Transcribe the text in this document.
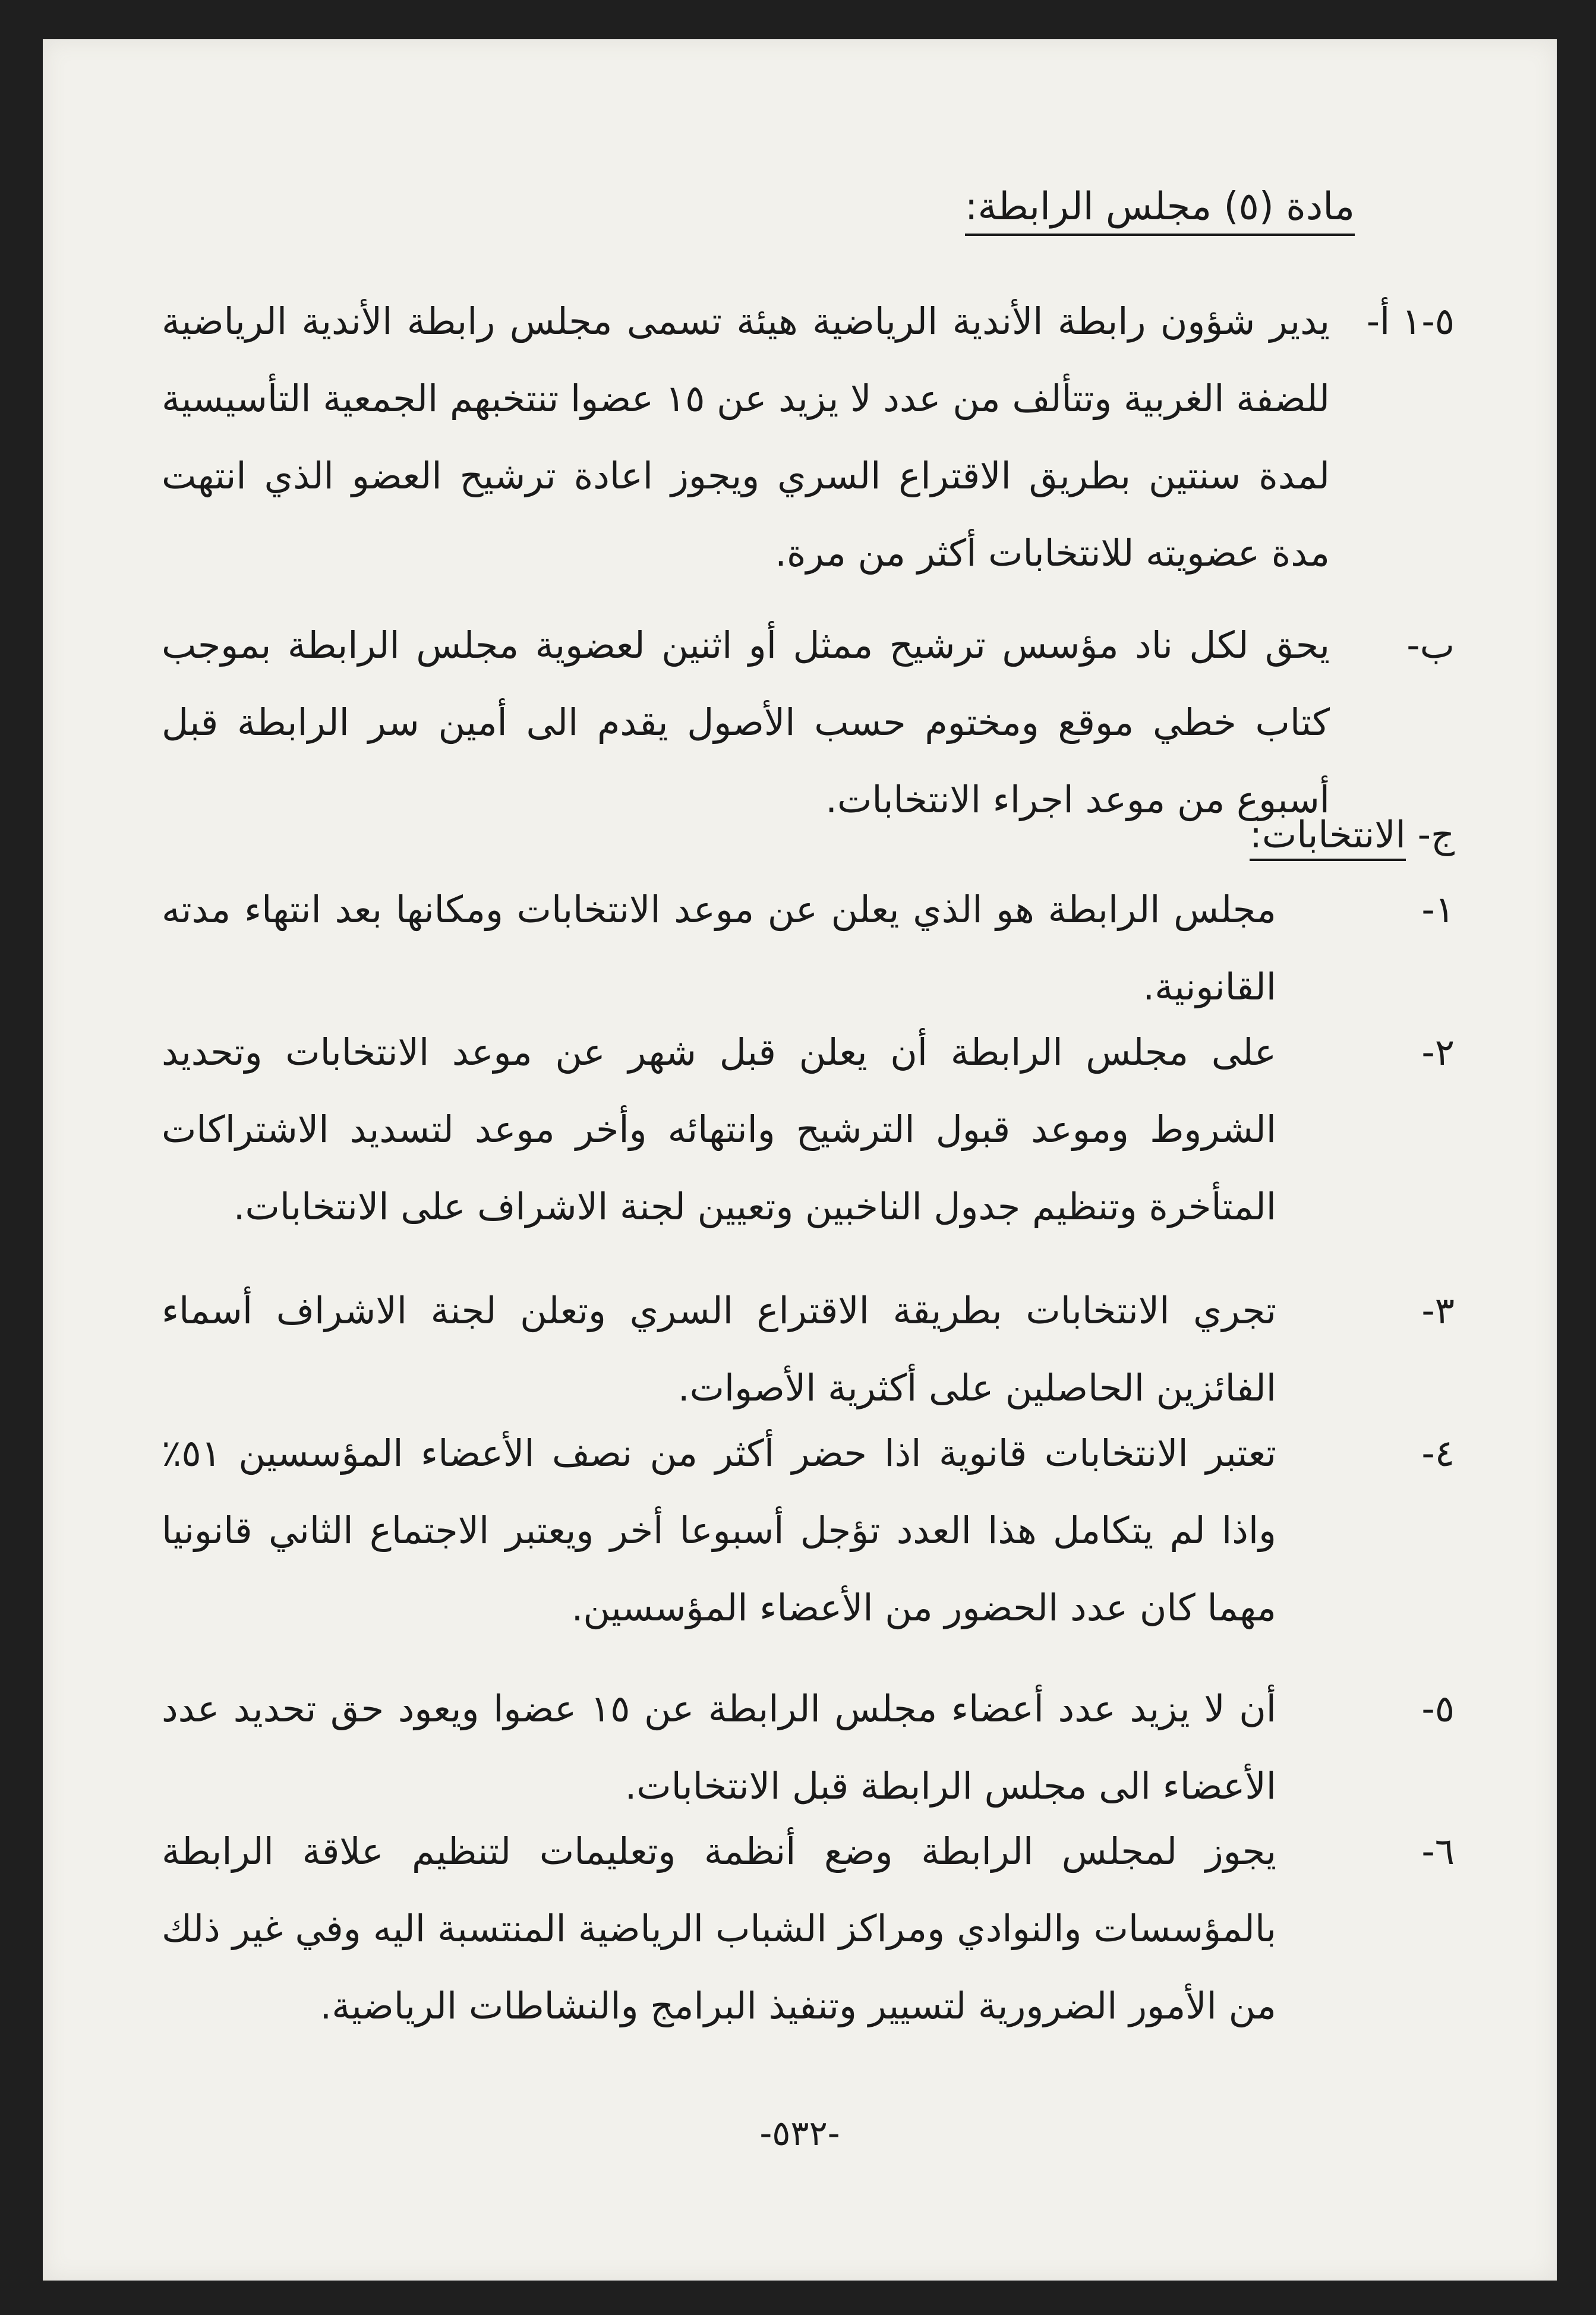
مادة (٥) مجلس الرابطة:
٥-١ أ-
يدير شؤون رابطة الأندية الرياضية هيئة تسمى مجلس رابطة الأندية الرياضية للضفة الغربية وتتألف من عدد لا يزيد عن ١٥ عضوا تنتخبهم الجمعية التأسيسية لمدة سنتين بطريق الاقتراع السري ويجوز اعادة ترشيح العضو الذي انتهت مدة عضويته للانتخابات أكثر من مرة.
ب-
يحق لكل ناد مؤسس ترشيح ممثل أو اثنين لعضوية مجلس الرابطة بموجب كتاب خطي موقع ومختوم حسب الأصول يقدم الى أمين سر الرابطة قبل أسبوع من موعد اجراء الانتخابات.
ج- الانتخابات:
١-
مجلس الرابطة هو الذي يعلن عن موعد الانتخابات ومكانها بعد انتهاء مدته القانونية.
٢-
على مجلس الرابطة أن يعلن قبل شهر عن موعد الانتخابات وتحديد الشروط وموعد قبول الترشيح وانتهائه وأخر موعد لتسديد الاشتراكات المتأخرة وتنظيم جدول الناخبين وتعيين لجنة الاشراف على الانتخابات.
٣-
تجري الانتخابات بطريقة الاقتراع السري وتعلن لجنة الاشراف أسماء الفائزين الحاصلين على أكثرية الأصوات.
٤-
تعتبر الانتخابات قانوية اذا حضر أكثر من نصف الأعضاء المؤسسين ٥١٪ واذا لم يتكامل هذا العدد تؤجل أسبوعا أخر ويعتبر الاجتماع الثاني قانونيا مهما كان عدد الحضور من الأعضاء المؤسسين.
٥-
أن لا يزيد عدد أعضاء مجلس الرابطة عن ١٥ عضوا ويعود حق تحديد عدد الأعضاء الى مجلس الرابطة قبل الانتخابات.
٦-
يجوز لمجلس الرابطة وضع أنظمة وتعليمات لتنظيم علاقة الرابطة بالمؤسسات والنوادي ومراكز الشباب الرياضية المنتسبة اليه وفي غير ذلك من الأمور الضرورية لتسيير وتنفيذ البرامج والنشاطات الرياضية.
-٥٣٢-
